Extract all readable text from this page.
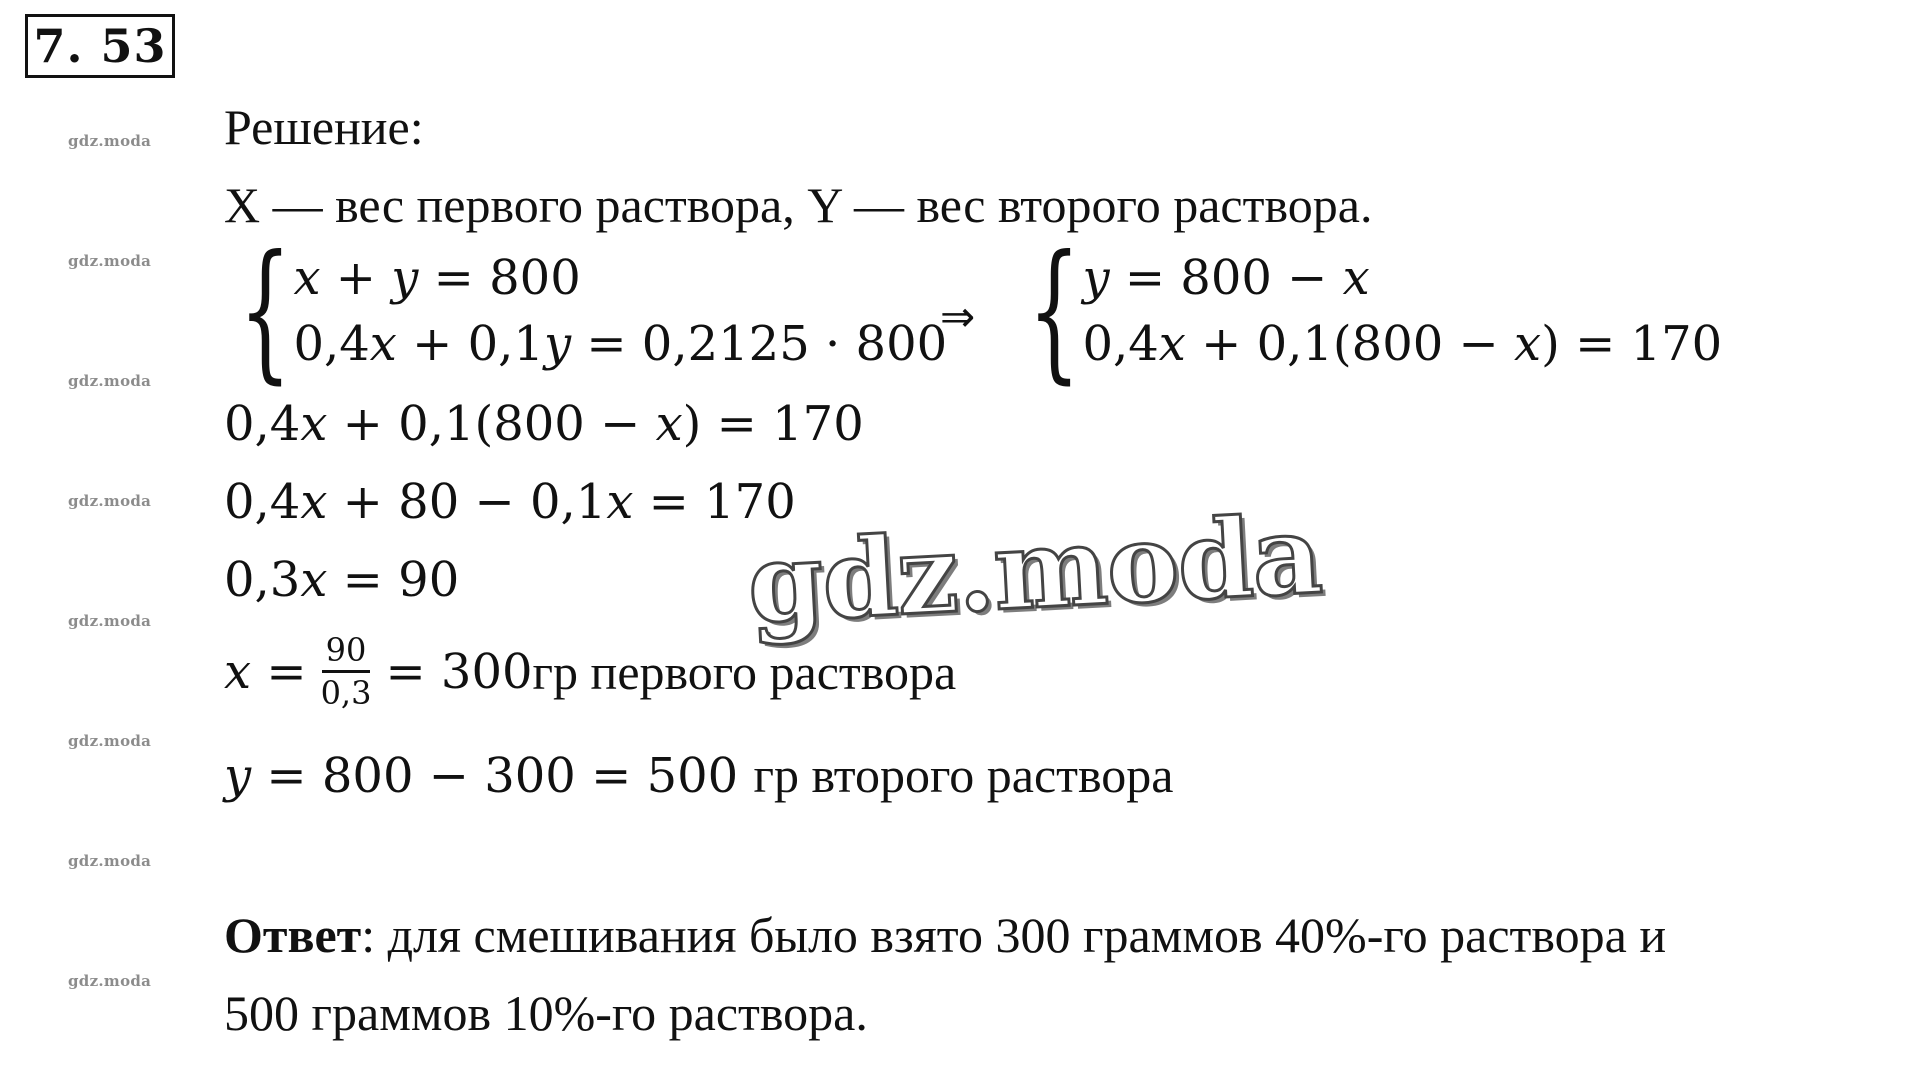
7. 53
gdz.moda
gdz.moda
gdz.moda
gdz.moda
gdz.moda
gdz.moda
gdz.moda
gdz.moda
Решение:
X — вес первого раствора, Y — вес второго раствора.
{ x + y = 800
0,4x + 0,1y = 0,2125 · 800
⇒ { y = 800 − x
0,4x + 0,1(800 − x) = 170
0,4x + 0,1(800 − x) = 170
0,4x + 80 − 0,1x = 170
0,3x = 90
$x = \frac{90}{0,3} = 300$ гр первого раствора
y = 800 − 300 = 500 гр второго раствора
Ответ: для смешивания было взято 300 граммов 40%-го раствора и
500 граммов 10%-го раствора.
gdz.moda
